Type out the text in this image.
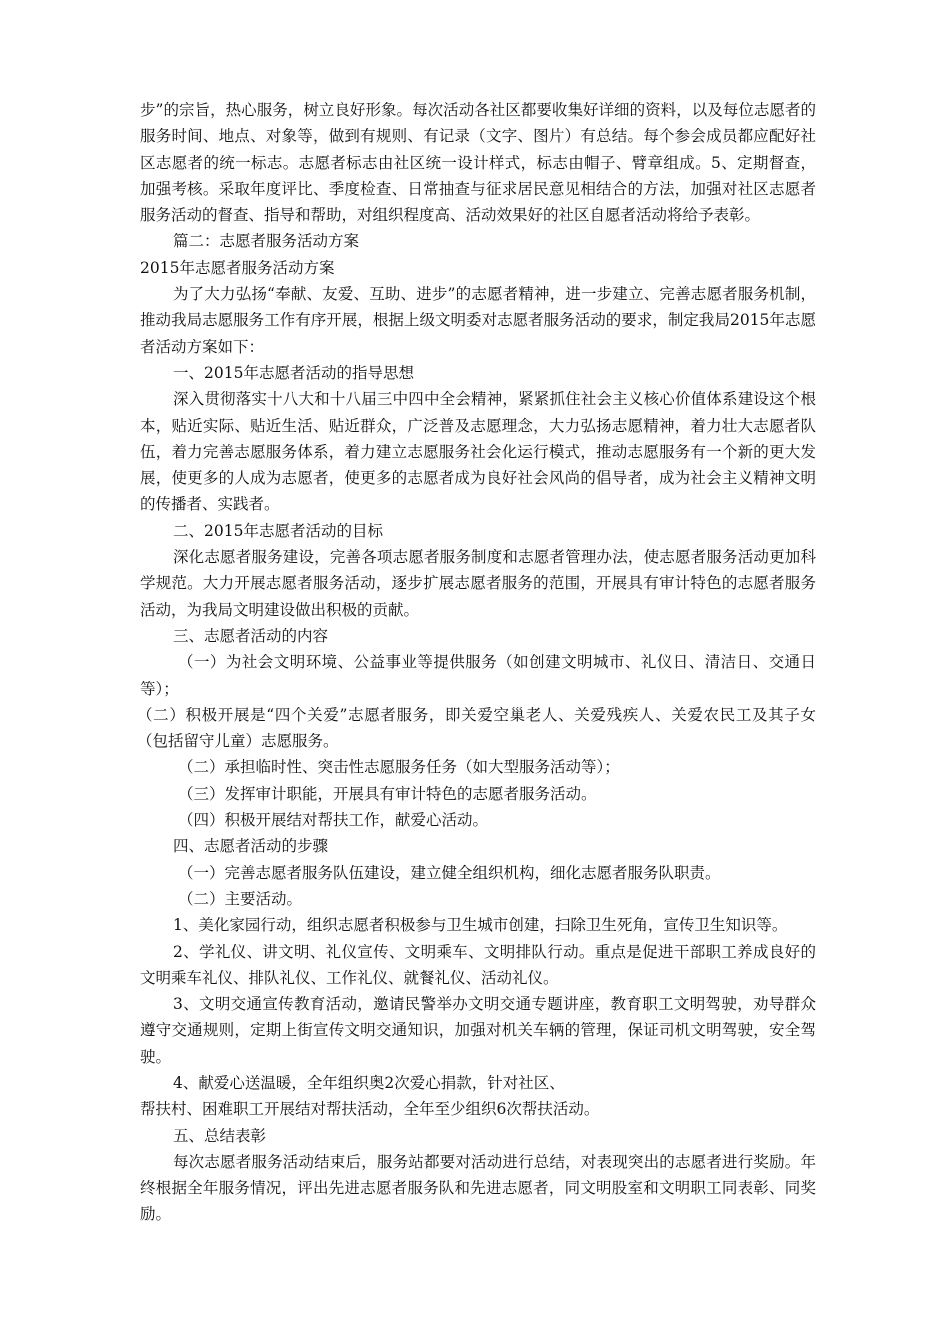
步”的宗旨，热心服务，树立良好形象。每次活动各社区都要收集好详细的资料，以及每位志愿者的服务时间、地点、对象等，做到有规则、有记录（文字、图片）有总结。每个参会成员都应配好社区志愿者的统一标志。志愿者标志由社区统一设计样式，标志由帽子、臂章组成。5、定期督查，加强考核。采取年度评比、季度检查、日常抽查与征求居民意见相结合的方法，加强对社区志愿者服务活动的督查、指导和帮助，对组织程度高、活动效果好的社区自愿者活动将给予表彰。

篇二：志愿者服务活动方案

2015年志愿者服务活动方案

为了大力弘扬“奉献、友爱、互助、进步”的志愿者精神，进一步建立、完善志愿者服务机制，推动我局志愿服务工作有序开展，根据上级文明委对志愿者服务活动的要求，制定我局2015年志愿者活动方案如下：

一、2015年志愿者活动的指导思想

深入贯彻落实十八大和十八届三中四中全会精神，紧紧抓住社会主义核心价值体系建设这个根本，贴近实际、贴近生活、贴近群众，广泛普及志愿理念，大力弘扬志愿精神，着力壮大志愿者队伍，着力完善志愿服务体系，着力建立志愿服务社会化运行模式，推动志愿服务有一个新的更大发展，使更多的人成为志愿者，使更多的志愿者成为良好社会风尚的倡导者，成为社会主义精神文明的传播者、实践者。

二、2015年志愿者活动的目标

深化志愿者服务建设，完善各项志愿者服务制度和志愿者管理办法，使志愿者服务活动更加科学规范。大力开展志愿者服务活动，逐步扩展志愿者服务的范围，开展具有审计特色的志愿者服务活动，为我局文明建设做出积极的贡献。

三、志愿者活动的内容

（一）为社会文明环境、公益事业等提供服务（如创建文明城市、礼仪日、清洁日、交通日等）；

（二）积极开展是“四个关爱”志愿者服务，即关爱空巢老人、关爱残疾人、关爱农民工及其子女（包括留守儿童）志愿服务。

（二）承担临时性、突击性志愿服务任务（如大型服务活动等）；

（三）发挥审计职能，开展具有审计特色的志愿者服务活动。

（四）积极开展结对帮扶工作，献爱心活动。

四、志愿者活动的步骤

（一）完善志愿者服务队伍建设，建立健全组织机构，细化志愿者服务队职责。

（二）主要活动。

1、美化家园行动，组织志愿者积极参与卫生城市创建，扫除卫生死角，宣传卫生知识等。

2、学礼仪、讲文明、礼仪宣传、文明乘车、文明排队行动。重点是促进干部职工养成良好的文明乘车礼仪、排队礼仪、工作礼仪、就餐礼仪、活动礼仪。

3、文明交通宣传教育活动，邀请民警举办文明交通专题讲座，教育职工文明驾驶，劝导群众遵守交通规则，定期上街宣传文明交通知识，加强对机关车辆的管理，保证司机文明驾驶，安全驾驶。

4、献爱心送温暖，全年组织奥2次爱心捐款，针对社区、

帮扶村、困难职工开展结对帮扶活动，全年至少组织6次帮扶活动。

五、总结表彰

每次志愿者服务活动结束后，服务站都要对活动进行总结，对表现突出的志愿者进行奖励。年终根据全年服务情况，评出先进志愿者服务队和先进志愿者，同文明股室和文明职工同表彰、同奖励。
